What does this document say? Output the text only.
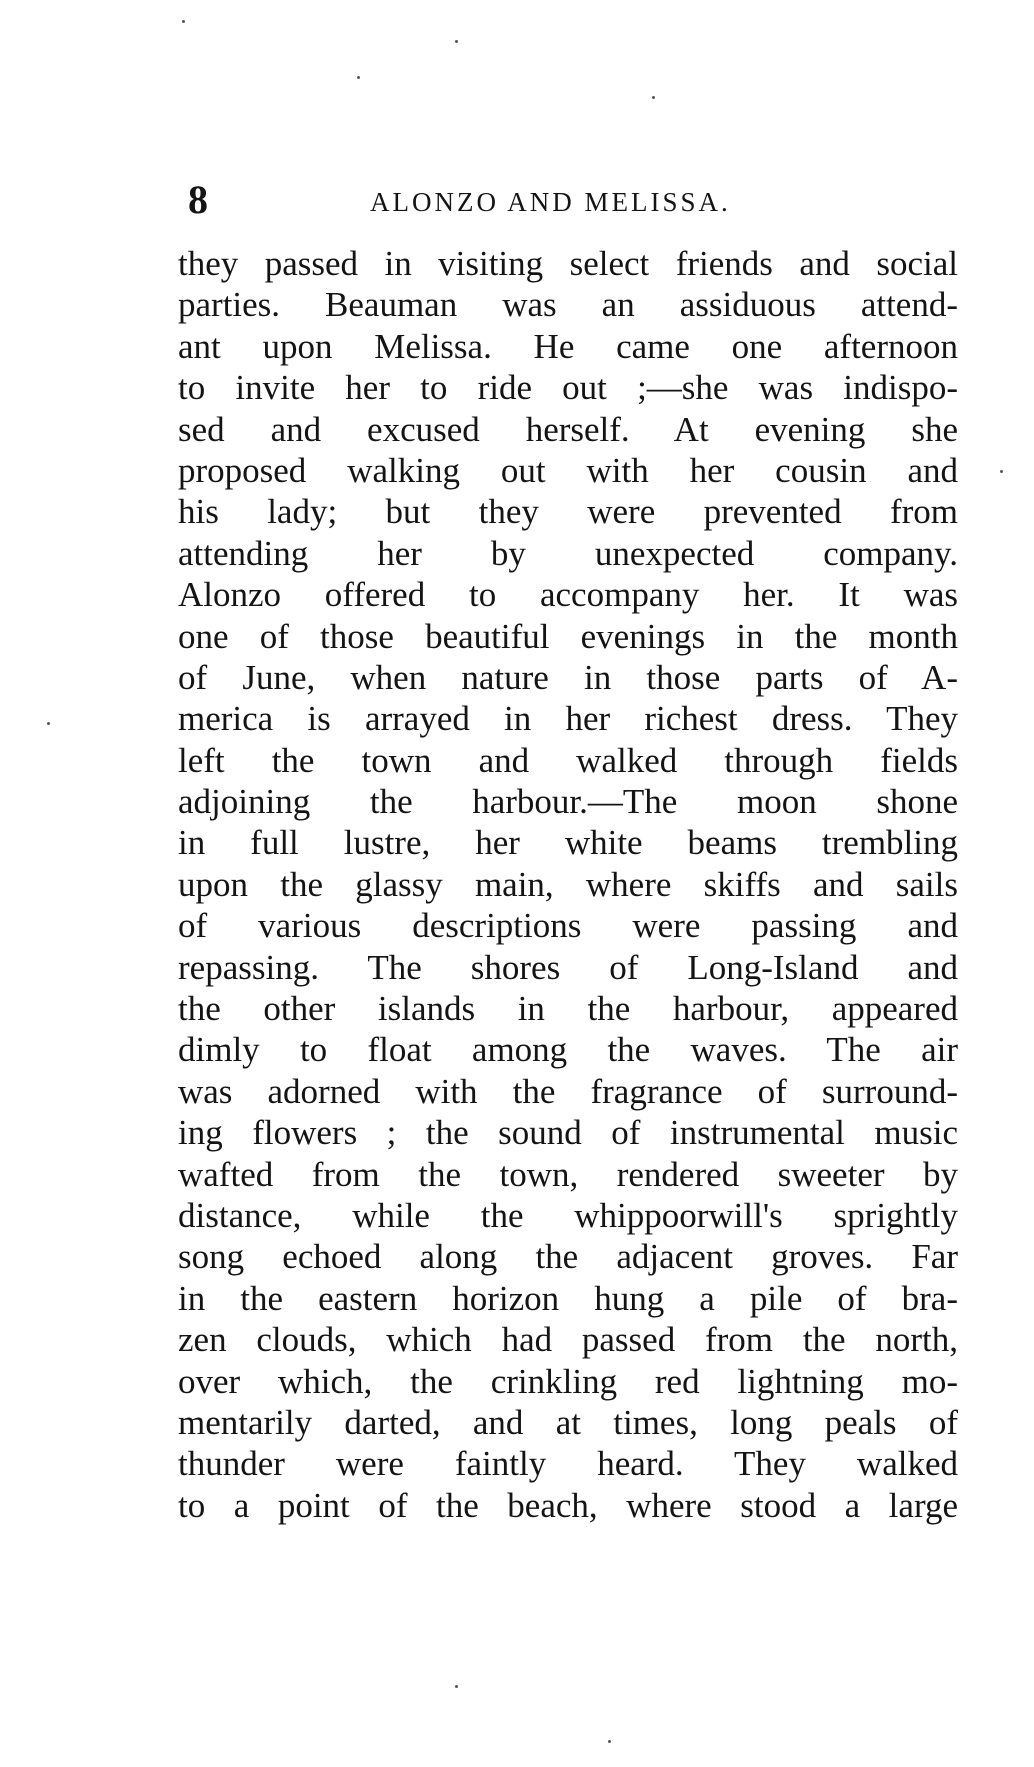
8	ALONZO AND MELISSA.
they passed in visiting select friends and social
parties. Beauman was an assiduous attend-
ant upon Melissa. He came one afternoon
to invite her to ride out ;—she was indispo-
sed and excused herself. At evening she
proposed walking out with her cousin and
his lady; but they were prevented from
attending her by unexpected company.
Alonzo offered to accompany her. It was
one of those beautiful evenings in the month
of June, when nature in those parts of A-
merica is arrayed in her richest dress. They
left the town and walked through fields
adjoining the harbour.—The moon shone
in full lustre, her white beams trembling
upon the glassy main, where skiffs and sails
of various descriptions were passing and
repassing. The shores of Long-Island and
the other islands in the harbour, appeared
dimly to float among the waves. The air
was adorned with the fragrance of surround-
ing flowers ; the sound of instrumental music
wafted from the town, rendered sweeter by
distance, while the whippoorwill's sprightly
song echoed along the adjacent groves. Far
in the eastern horizon hung a pile of bra-
zen clouds, which had passed from the north,
over which, the crinkling red lightning mo-
mentarily darted, and at times, long peals of
thunder were faintly heard. They walked
to a point of the beach, where stood a large
